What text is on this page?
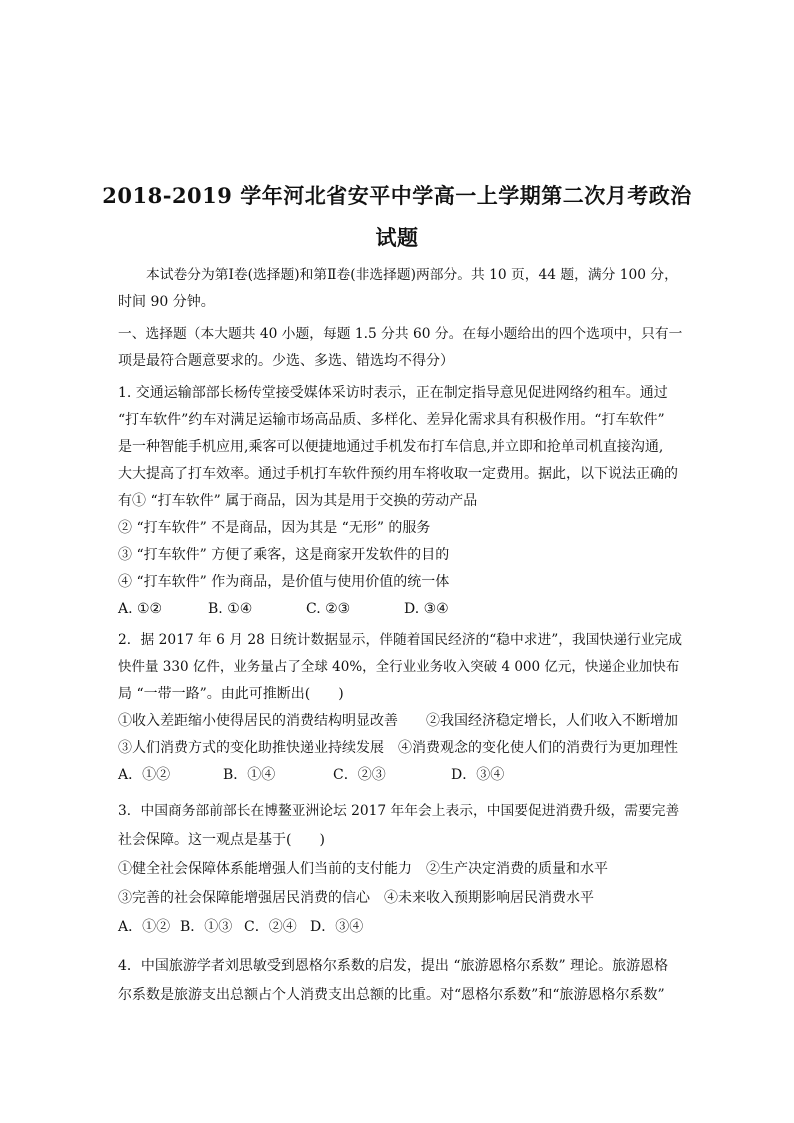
2018-2019 学年河北省安平中学高一上学期第二次月考政治
试题
本试卷分为第Ⅰ卷(选择题)和第Ⅱ卷(非选择题)两部分。共 10 页，44 题，满分 100 分，
时间 90 分钟。
一、选择题（本大题共 40 小题，每题 1.5 分共 60 分。在每小题给出的四个选项中，只有一
项是最符合题意要求的。少选、多选、错选均不得分）
1. 交通运输部部长杨传堂接受媒体采访时表示，正在制定指导意见促进网络约租车。通过
“打车软件”约车对满足运输市场高品质、多样化、差异化需求具有积极作用。“打车软件”
是一种智能手机应用,乘客可以便捷地通过手机发布打车信息,并立即和抢单司机直接沟通,
大大提高了打车效率。通过手机打车软件预约用车将收取一定费用。据此，以下说法正确的
有① “打车软件” 属于商品，因为其是用于交换的劳动产品
② “打车软件” 不是商品，因为其是 “无形” 的服务
③ “打车软件” 方便了乘客，这是商家开发软件的目的
④ “打车软件” 作为商品，是价值与使用价值的统一体
A. ①②	B. ①④	C. ②③	D. ③④
2．据 2017 年 6 月 28 日统计数据显示，伴随着国民经济的“稳中求进”，我国快递行业完成
快件量 330 亿件，业务量占了全球 40%，全行业业务收入突破 4 000 亿元，快递企业加快布
局 “一带一路”。由此可推断出(　　)
①收入差距缩小使得居民的消费结构明显改善　　②我国经济稳定增长，人们收入不断增加
③人们消费方式的变化助推快递业持续发展　④消费观念的变化使人们的消费行为更加理性
A．①②	B．①④	C．②③	D．③④
3．中国商务部前部长在博鳌亚洲论坛 2017 年年会上表示，中国要促进消费升级，需要完善
社会保障。这一观点是基于(　　)
①健全社会保障体系能增强人们当前的支付能力　②生产决定消费的质量和水平
③完善的社会保障能增强居民消费的信心　④未来收入预期影响居民消费水平
A．①② B．①③ C．②④ D．③④
4．中国旅游学者刘思敏受到恩格尔系数的启发，提出 “旅游恩格尔系数” 理论。旅游恩格
尔系数是旅游支出总额占个人消费支出总额的比重。对“恩格尔系数”和“旅游恩格尔系数”
